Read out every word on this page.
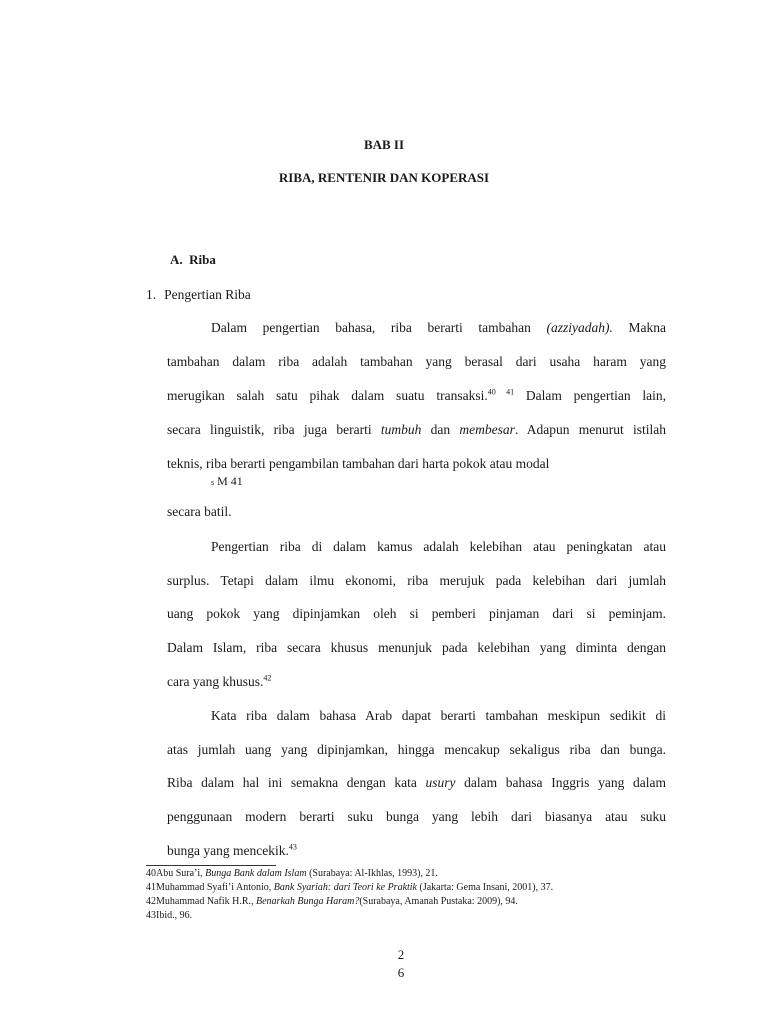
BAB II
RIBA, RENTENIR DAN KOPERASI
A. Riba
1. Pengertian Riba
Dalam pengertian bahasa, riba berarti tambahan (azziyadah). Makna
tambahan dalam riba adalah tambahan yang berasal dari usaha haram yang
merugikan salah satu pihak dalam suatu transaksi.$^{40 41}$ Dalam pengertian lain,
secara linguistik, riba juga berarti tumbuh dan membesar. Adapun menurut istilah
teknis, riba berarti pengambilan tambahan dari harta pokok atau modal
s M 41
secara batil.
Pengertian riba di dalam kamus adalah kelebihan atau peningkatan atau
surplus. Tetapi dalam ilmu ekonomi, riba merujuk pada kelebihan dari jumlah
uang pokok yang dipinjamkan oleh si pemberi pinjaman dari si peminjam.
Dalam Islam, riba secara khusus menunjuk pada kelebihan yang diminta dengan
cara yang khusus.$^{42}$
Kata riba dalam bahasa Arab dapat berarti tambahan meskipun sedikit di
atas jumlah uang yang dipinjamkan, hingga mencakup sekaligus riba dan bunga.
Riba dalam hal ini semakna dengan kata usury dalam bahasa Inggris yang dalam
penggunaan modern berarti suku bunga yang lebih dari biasanya atau suku
bunga yang mencekik.$^{43}$
40Abu Sura’i, Bunga Bank dalam Islam (Surabaya: Al-Ikhlas, 1993), 21.
41Muhammad Syafi’i Antonio, Bank Syariah: dari Teori ke Praktik (Jakarta: Gema Insani, 2001), 37.
42Muhammad Nafik H.R., Benarkah Bunga Haram?(Surabaya, Amanah Pustaka: 2009), 94.
43Ibid., 96.
2
6
